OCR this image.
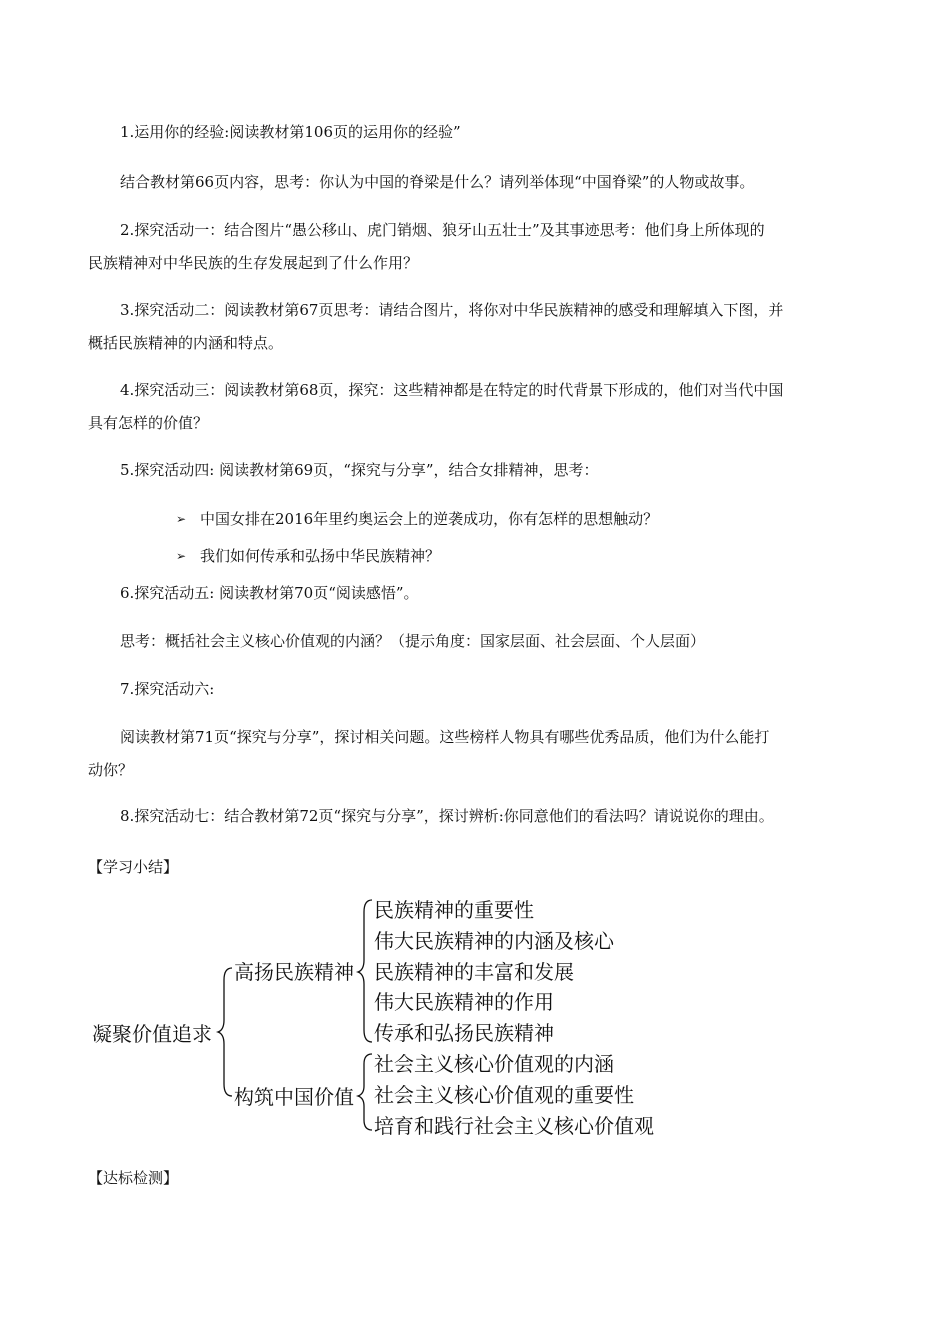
1.运用你的经验:阅读教材第106页的运用你的经验”
结合教材第66页内容，思考：你认为中国的脊梁是什么？请列举体现“中国脊梁”的人物或故事。
2.探究活动一：结合图片“愚公移山、虎门销烟、狼牙山五壮士”及其事迹思考：他们身上所体现的
民族精神对中华民族的生存发展起到了什么作用？
3.探究活动二：阅读教材第67页思考：请结合图片，将你对中华民族精神的感受和理解填入下图，并
概括民族精神的内涵和特点。
4.探究活动三：阅读教材第68页，探究：这些精神都是在特定的时代背景下形成的，他们对当代中国
具有怎样的价值？
5.探究活动四: 阅读教材第69页，“探究与分享”，结合女排精神，思考：
➢ 中国女排在2016年里约奥运会上的逆袭成功，你有怎样的思想触动？
➢ 我们如何传承和弘扬中华民族精神？
6.探究活动五: 阅读教材第70页“阅读感悟”。
思考：概括社会主义核心价值观的内涵？（提示角度：国家层面、社会层面、个人层面）
7.探究活动六:
阅读教材第71页“探究与分享”，探讨相关问题。这些榜样人物具有哪些优秀品质，他们为什么能打
动你？
8.探究活动七：结合教材第72页“探究与分享”，探讨辨析:你同意他们的看法吗？请说说你的理由。
【学习小结】
凝聚价值追求
高扬民族精神
民族精神的重要性
伟大民族精神的内涵及核心
民族精神的丰富和发展
伟大民族精神的作用
传承和弘扬民族精神
构筑中国价值
社会主义核心价值观的内涵
社会主义核心价值观的重要性
培育和践行社会主义核心价值观
【达标检测】
